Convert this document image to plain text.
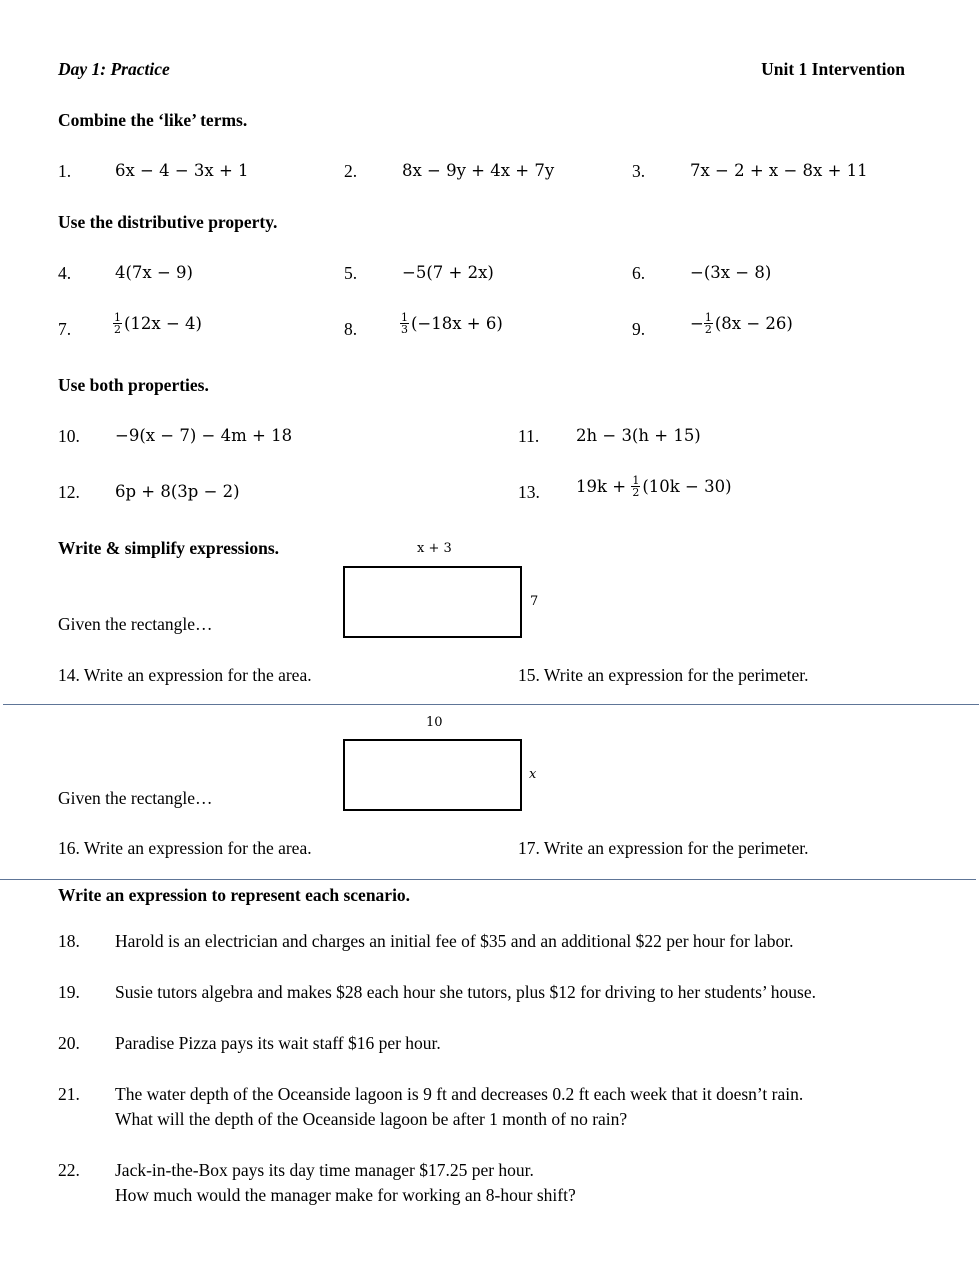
Day 1: Practice	Unit 1 Intervention
Combine the ‘like’ terms.
1.	6x − 4 − 3x + 1	2.	8x − 9y + 4x + 7y	3.	7x − 2 + x − 8x + 11
Use the distributive property.
4.	4(7x − 9)	5.	−5(7 + 2x)	6.	−(3x − 8)
7.	$\frac{1}{2} (12x - 4)$	8.	$\frac{1}{3} (-18x + 6)$	9.	− $\frac{1}{2} (8x - 26)$
Use both properties.
10. −9(x − 7) − 4m + 18	11. 2h − 3(h + 15)
12. 6p + 8(3p − 2)	13. $19k + \frac{1}{2} (10k - 30)$
Write & simplify expressions.	x + 3
7
Given the rectangle…
14. Write an expression for the area.	15. Write an expression for the perimeter.
10
x
Given the rectangle…
16. Write an expression for the area.	17. Write an expression for the perimeter.
Write an expression to represent each scenario.
18. Harold is an electrician and charges an initial fee of $35 and an additional $22 per hour for labor.
19. Susie tutors algebra and makes $28 each hour she tutors, plus $12 for driving to her students’ house.
20. Paradise Pizza pays its wait staff $16 per hour.
21. The water depth of the Oceanside lagoon is 9 ft and decreases 0.2 ft each week that it doesn’t rain.
What will the depth of the Oceanside lagoon be after 1 month of no rain?
22. Jack-in-the-Box pays its day time manager $17.25 per hour.
How much would the manager make for working an 8-hour shift?
